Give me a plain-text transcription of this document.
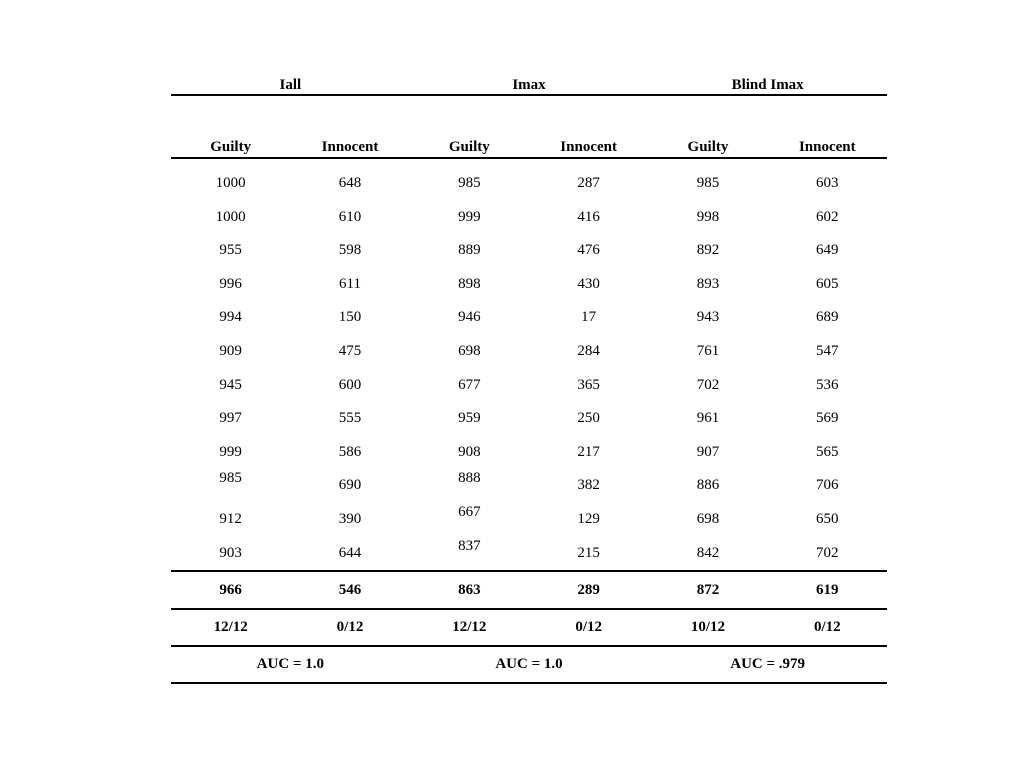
Iall	Imax	Blind Imax
Guilty	Innocent	Guilty	Innocent	Guilty	Innocent
1000	648	985	287	985	603
1000	610	999	416	998	602
955	598	889	476	892	649
996	611	898	430	893	605
994	150	946	17	943	689
909	475	698	284	761	547
945	600	677	365	702	536
997	555	959	250	961	569
999	586	908	217	907	565
985	690	888	382	886	706
912	390	667	129	698	650
903	644	837	215	842	702
966	546	863	289	872	619
12/12	0/12	12/12	0/12	10/12	0/12
AUC = 1.0	AUC = 1.0	AUC = .979
